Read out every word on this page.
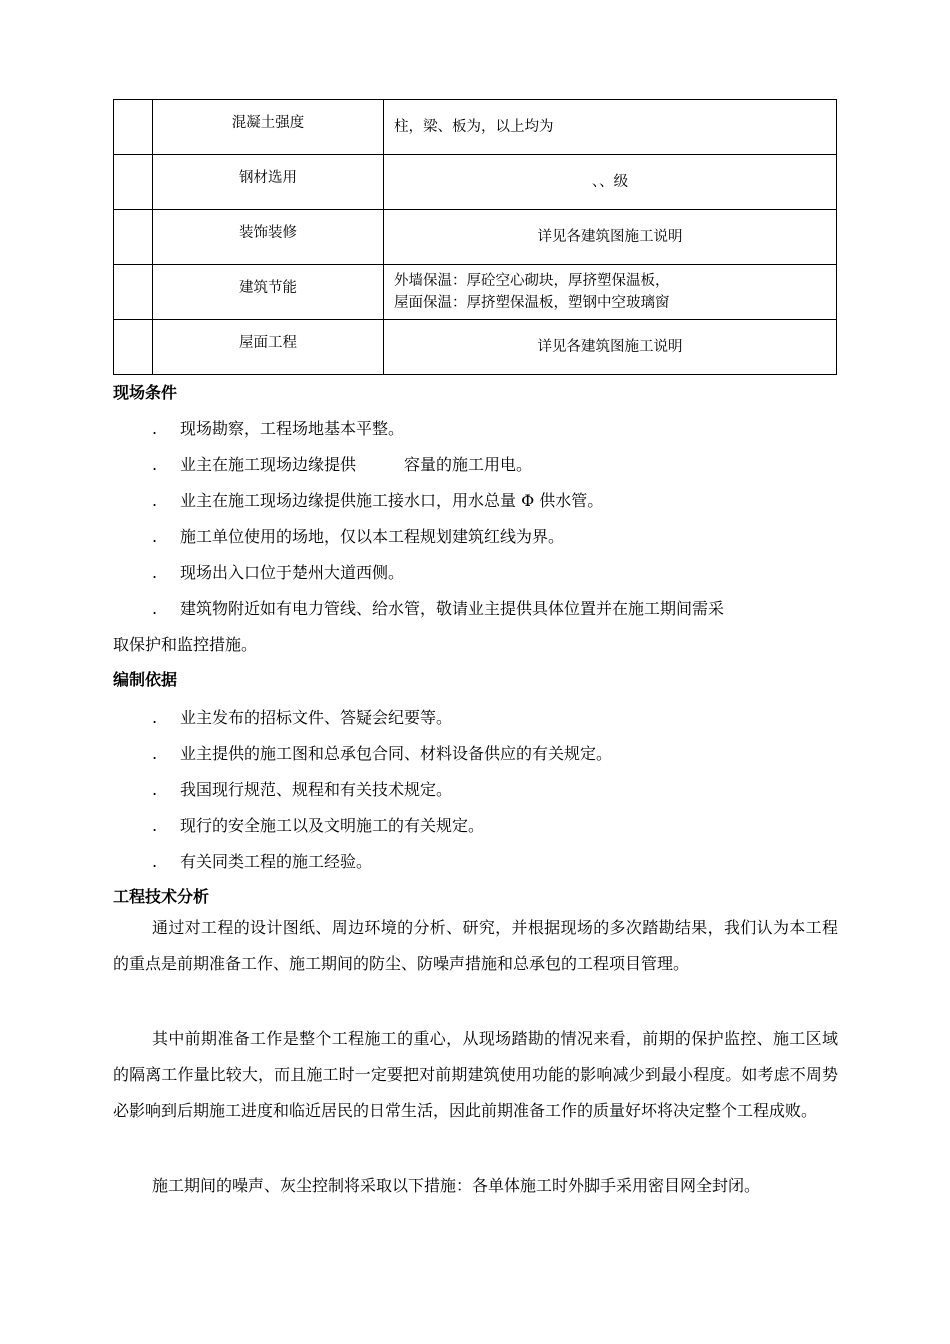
	混凝土强度	柱，梁、板为，以上均为

	钢材选用	、、级

	装饰装修	详见各建筑图施工说明

	建筑节能	外墙保温：厚砼空心砌块，厚挤塑保温板，
屋面保温：厚挤塑保温板，塑钢中空玻璃窗

	屋面工程	详见各建筑图施工说明
现场条件
. 现场勘察，工程场地基本平整。
. 业主在施工现场边缘提供　　　容量的施工用电。
. 业主在施工现场边缘提供施工接水口，用水总量 Φ 供水管。
. 施工单位使用的场地，仅以本工程规划建筑红线为界。
. 现场出入口位于楚州大道西侧。
. 建筑物附近如有电力管线、给水管，敬请业主提供具体位置并在施工期间需采
取保护和监控措施。
编制依据
. 业主发布的招标文件、答疑会纪要等。
. 业主提供的施工图和总承包合同、材料设备供应的有关规定。
. 我国现行规范、规程和有关技术规定。
. 现行的安全施工以及文明施工的有关规定。
. 有关同类工程的施工经验。
工程技术分析
通过对工程的设计图纸、周边环境的分析、研究，并根据现场的多次踏勘结果，我们认为本工程的重点是前期准备工作、施工期间的防尘、防噪声措施和总承包的工程项目管理。
其中前期准备工作是整个工程施工的重心，从现场踏勘的情况来看，前期的保护监控、施工区域的隔离工作量比较大，而且施工时一定要把对前期建筑使用功能的影响减少到最小程度。如考虑不周势必影响到后期施工进度和临近居民的日常生活，因此前期准备工作的质量好坏将决定整个工程成败。
施工期间的噪声、灰尘控制将采取以下措施：各单体施工时外脚手采用密目网全封闭。
